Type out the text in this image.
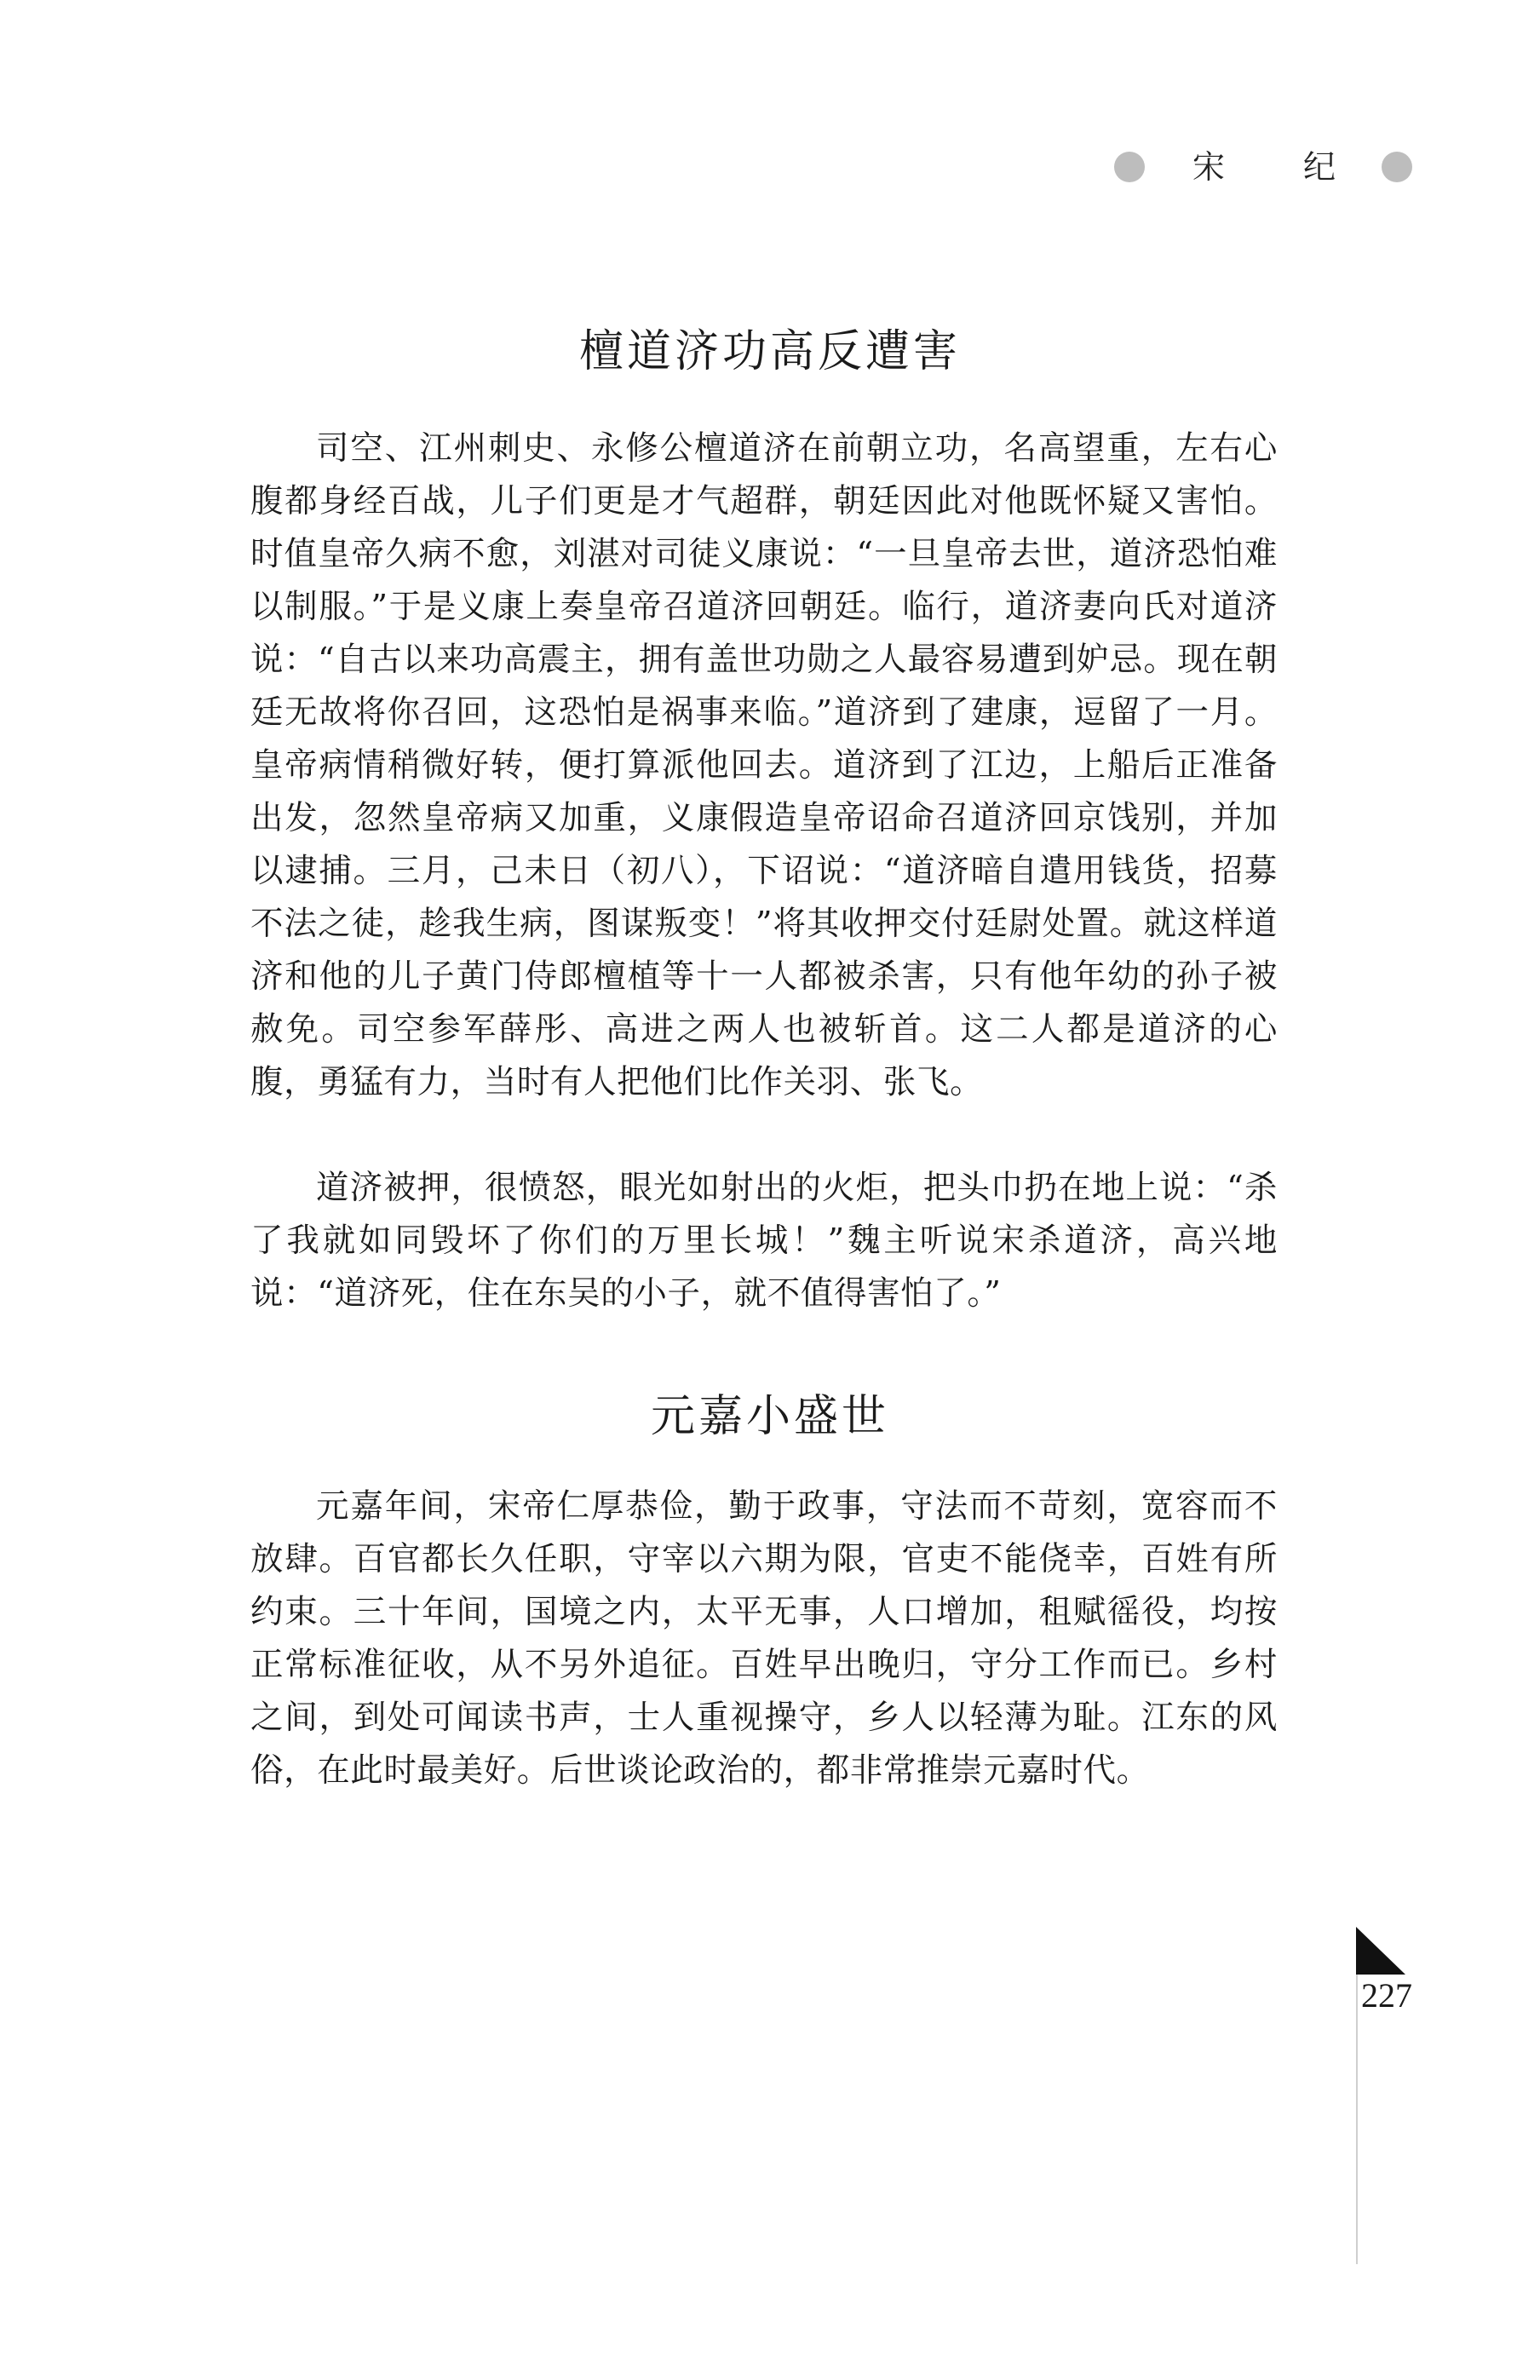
宋 纪
檀道济功高反遭害

司空、江州刺史、永修公檀道济在前朝立功，名高望重，左右心腹都身经百战，儿子们更是才气超群，朝廷因此对他既怀疑又害怕。时值皇帝久病不愈，刘湛对司徒义康说：“一旦皇帝去世，道济恐怕难以制服。”于是义康上奏皇帝召道济回朝廷。临行，道济妻向氏对道济说：“自古以来功高震主，拥有盖世功勋之人最容易遭到妒忌。现在朝廷无故将你召回，这恐怕是祸事来临。”道济到了建康，逗留了一月。皇帝病情稍微好转，便打算派他回去。道济到了江边，上船后正准备出发，忽然皇帝病又加重，义康假造皇帝诏命召道济回京饯别，并加以逮捕。三月，己未日（初八），下诏说：“道济暗自遣用钱货，招募不法之徒，趁我生病，图谋叛变！”将其收押交付廷尉处置。就这样道济和他的儿子黄门侍郎檀植等十一人都被杀害，只有他年幼的孙子被赦免。司空参军薛彤、高进之两人也被斩首。这二人都是道济的心腹，勇猛有力，当时有人把他们比作关羽、张飞。

道济被押，很愤怒，眼光如射出的火炬，把头巾扔在地上说：“杀了我就如同毁坏了你们的万里长城！”魏主听说宋杀道济，高兴地说：“道济死，住在东吴的小子，就不值得害怕了。”

元嘉小盛世

元嘉年间，宋帝仁厚恭俭，勤于政事，守法而不苛刻，宽容而不放肆。百官都长久任职，守宰以六期为限，官吏不能侥幸，百姓有所约束。三十年间，国境之内，太平无事，人口增加，租赋徭役，均按正常标准征收，从不另外追征。百姓早出晚归，守分工作而已。乡村之间，到处可闻读书声，士人重视操守，乡人以轻薄为耻。江东的风俗，在此时最美好。后世谈论政治的，都非常推崇元嘉时代。

227
